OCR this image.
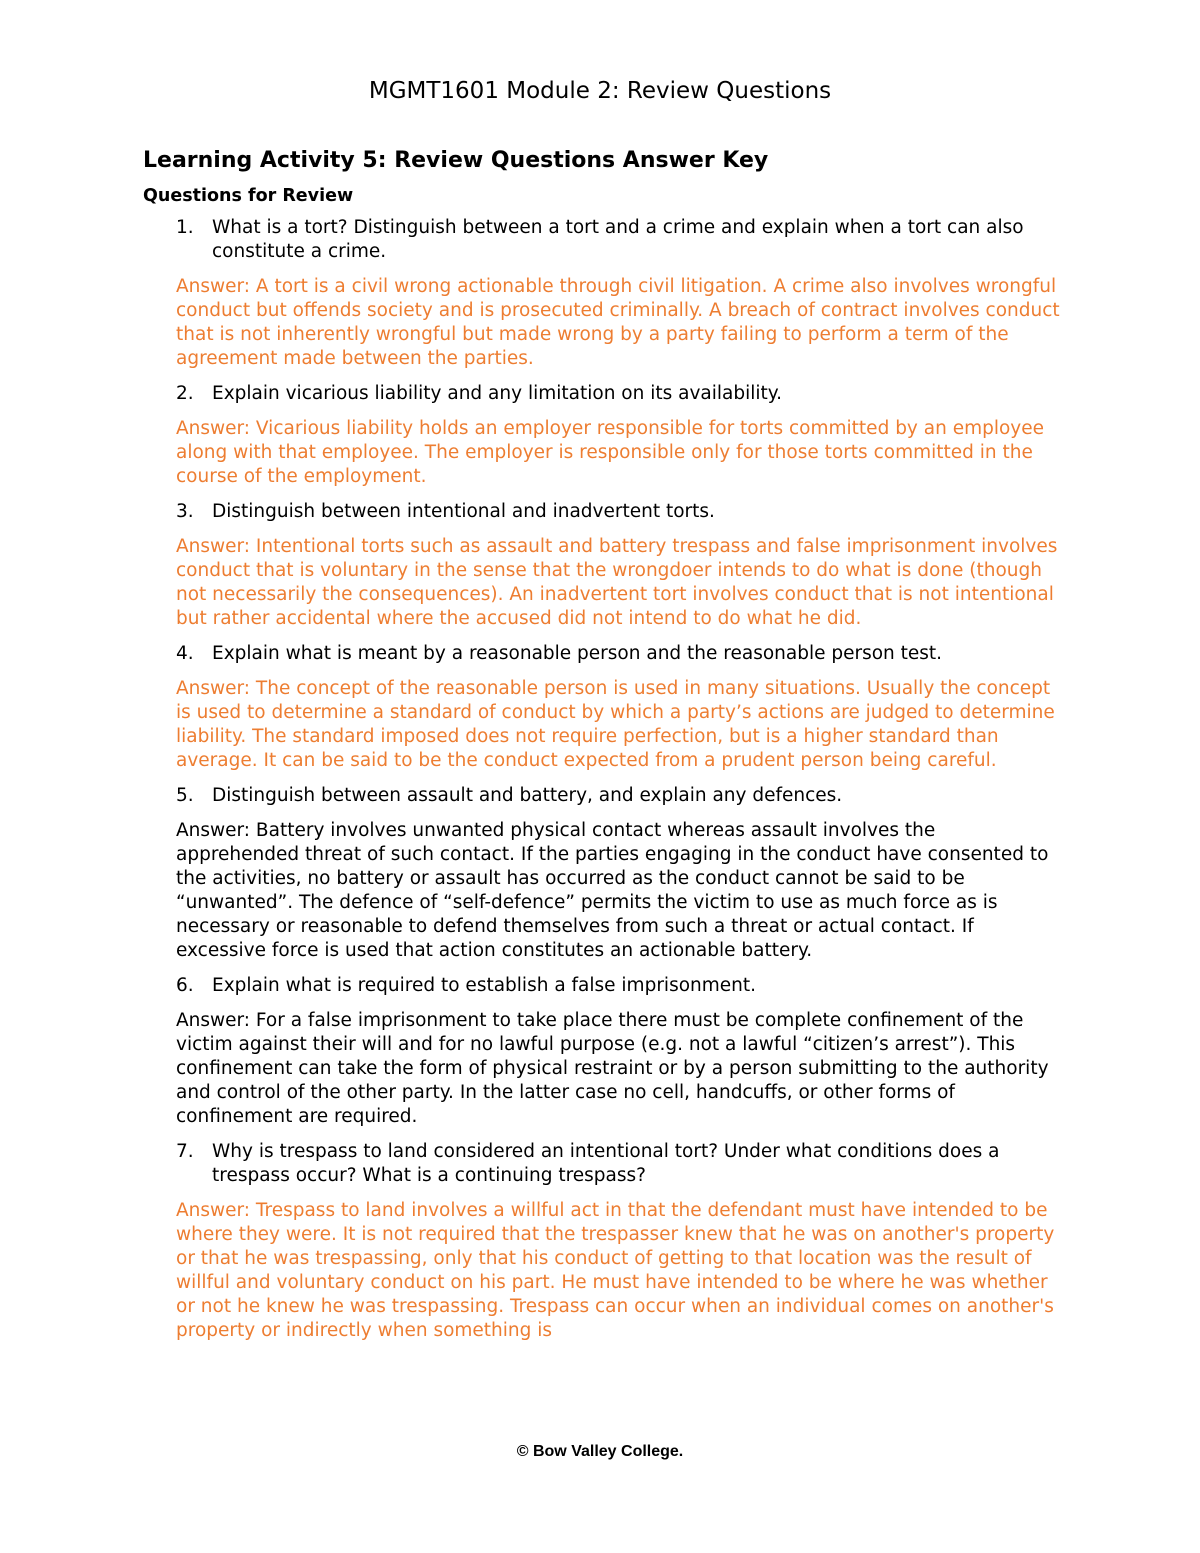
MGMT1601 Module 2: Review Questions
Learning Activity 5: Review Questions Answer Key
Questions for Review
1. What is a tort? Distinguish between a tort and a crime and explain when a tort can also constitute a crime.
Answer: A tort is a civil wrong actionable through civil litigation. A crime also involves wrongful conduct but offends society and is prosecuted criminally. A breach of contract involves conduct that is not inherently wrongful but made wrong by a party failing to perform a term of the agreement made between the parties.
2. Explain vicarious liability and any limitation on its availability.
Answer: Vicarious liability holds an employer responsible for torts committed by an employee along with that employee. The employer is responsible only for those torts committed in the course of the employment.
3. Distinguish between intentional and inadvertent torts.
Answer: Intentional torts such as assault and battery trespass and false imprisonment involves conduct that is voluntary in the sense that the wrongdoer intends to do what is done (though not necessarily the consequences). An inadvertent tort involves conduct that is not intentional but rather accidental where the accused did not intend to do what he did.
4. Explain what is meant by a reasonable person and the reasonable person test.
Answer: The concept of the reasonable person is used in many situations. Usually the concept is used to determine a standard of conduct by which a party’s actions are judged to determine liability. The standard imposed does not require perfection, but is a higher standard than average. It can be said to be the conduct expected from a prudent person being careful.
5. Distinguish between assault and battery, and explain any defences.
Answer: Battery involves unwanted physical contact whereas assault involves the apprehended threat of such contact. If the parties engaging in the conduct have consented to the activities, no battery or assault has occurred as the conduct cannot be said to be “unwanted”. The defence of “self-defence” permits the victim to use as much force as is necessary or reasonable to defend themselves from such a threat or actual contact. If excessive force is used that action constitutes an actionable battery.
6. Explain what is required to establish a false imprisonment.
Answer: For a false imprisonment to take place there must be complete confinement of the victim against their will and for no lawful purpose (e.g. not a lawful “citizen’s arrest”). This confinement can take the form of physical restraint or by a person submitting to the authority and control of the other party. In the latter case no cell, handcuffs, or other forms of confinement are required.
7. Why is trespass to land considered an intentional tort? Under what conditions does a trespass occur? What is a continuing trespass?
Answer: Trespass to land involves a willful act in that the defendant must have intended to be where they were. It is not required that the trespasser knew that he was on another's property or that he was trespassing, only that his conduct of getting to that location was the result of willful and voluntary conduct on his part. He must have intended to be where he was whether or not he knew he was trespassing. Trespass can occur when an individual comes on another's property or indirectly when something is
© Bow Valley College.
